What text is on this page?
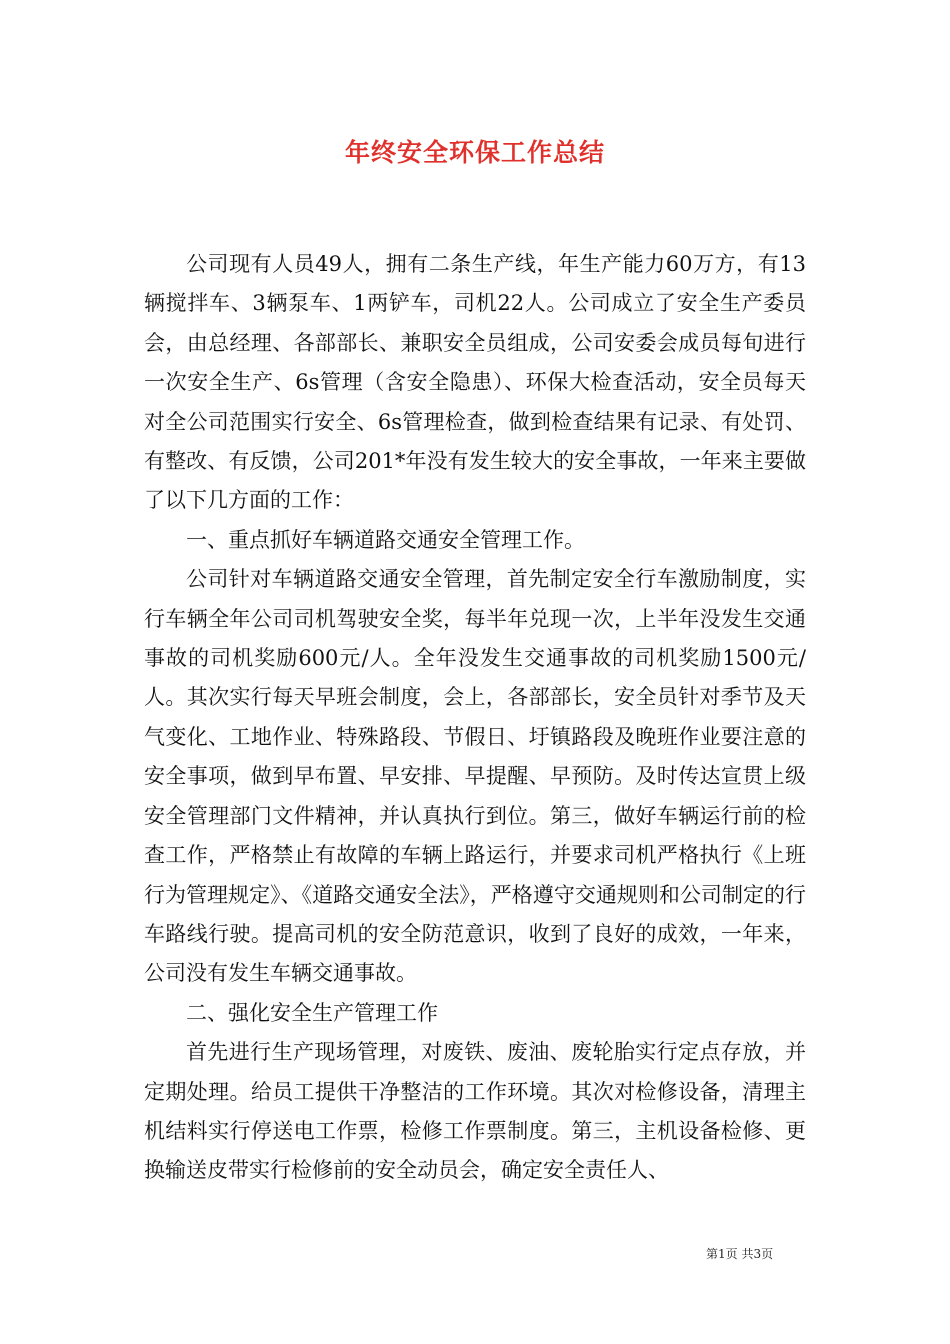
年终安全环保工作总结

公司现有人员49人，拥有二条生产线，年生产能力60万方，有13辆搅拌车、3辆泵车、1两铲车，司机22人。公司成立了安全生产委员会，由总经理、各部部长、兼职安全员组成，公司安委会成员每旬进行一次安全生产、6s管理（含安全隐患）、环保大检查活动，安全员每天对全公司范围实行安全、6s管理检查，做到检查结果有记录、有处罚、有整改、有反馈，公司201*年没有发生较大的安全事故，一年来主要做了以下几方面的工作：

一、重点抓好车辆道路交通安全管理工作。

公司针对车辆道路交通安全管理，首先制定安全行车激励制度，实行车辆全年公司司机驾驶安全奖，每半年兑现一次，上半年没发生交通事故的司机奖励600元/人。全年没发生交通事故的司机奖励1500元/人。其次实行每天早班会制度，会上，各部部长，安全员针对季节及天气变化、工地作业、特殊路段、节假日、圩镇路段及晚班作业要注意的安全事项，做到早布置、早安排、早提醒、早预防。及时传达宣贯上级安全管理部门文件精神，并认真执行到位。第三，做好车辆运行前的检查工作，严格禁止有故障的车辆上路运行，并要求司机严格执行《上班行为管理规定》、《道路交通安全法》，严格遵守交通规则和公司制定的行车路线行驶。提高司机的安全防范意识，收到了良好的成效，一年来，公司没有发生车辆交通事故。

二、强化安全生产管理工作

首先进行生产现场管理，对废铁、废油、废轮胎实行定点存放，并定期处理。给员工提供干净整洁的工作环境。其次对检修设备，清理主机结料实行停送电工作票，检修工作票制度。第三，主机设备检修、更换输送皮带实行检修前的安全动员会，确定安全责任人、

第1页 共3页
